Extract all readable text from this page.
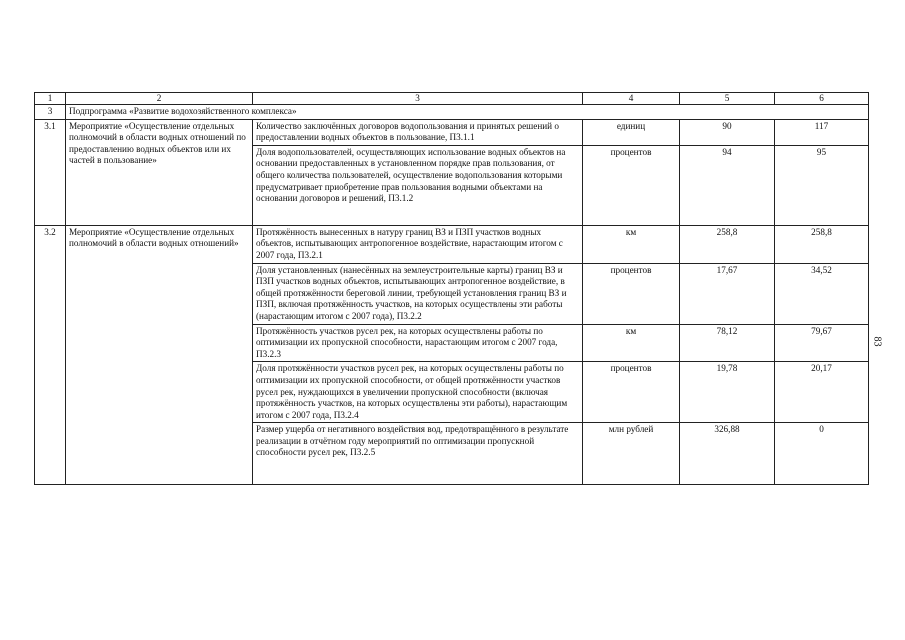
1	2	3	4	5	6
3	Подпрограмма «Развитие водохозяйственного комплекса»				
3.1	Мероприятие «Осуществление отдельных полномочий в области водных отношений по предоставлению водных объектов или их частей в пользование»	Количество заключённых договоров водопользования и принятых решений о предоставлении водных объектов в пользование, П3.1.1	единиц	90	117
		Доля водопользователей, осуществляющих использование водных объектов на основании предоставленных в установленном порядке прав пользования, от общего количества пользователей, осуществление водопользования которыми предусматривает приобретение прав пользования водными объектами на основании договоров и решений, П3.1.2	процентов	94	95
3.2	Мероприятие «Осуществление отдельных полномочий в области водных отношений»	Протяжённость вынесенных в натуру границ ВЗ и ПЗП участков водных объектов, испытывающих антропогенное воздействие, нарастающим итогом с 2007 года, П3.2.1	км	258,8	258,8
		Доля установленных (нанесённых на землеустроительные карты) границ ВЗ и ПЗП участков водных объектов, испытывающих антропогенное воздействие, в общей протяжённости береговой линии, требующей установления границ ВЗ и ПЗП, включая протяжённость участков, на которых осуществлены эти работы (нарастающим итогом с 2007 года), П3.2.2	процентов	17,67	34,52
		Протяжённость участков русел рек, на которых осуществлены работы по оптимизации их пропускной способности, нарастающим итогом с 2007 года, П3.2.3	км	78,12	79,67
		Доля протяжённости участков русел рек, на которых осуществлены работы по оптимизации их пропускной способности, от общей протяжённости участков русел рек, нуждающихся в увеличении пропускной способности (включая протяжённость участков, на которых осуществлены эти работы), нарастающим итогом с 2007 года, П3.2.4	процентов	19,78	20,17
		Размер ущерба от негативного воздействия вод, предотвращённого в результате реализации в отчётном году мероприятий по оптимизации пропускной способности русел рек, П3.2.5	млн рублей	326,88	0
83
